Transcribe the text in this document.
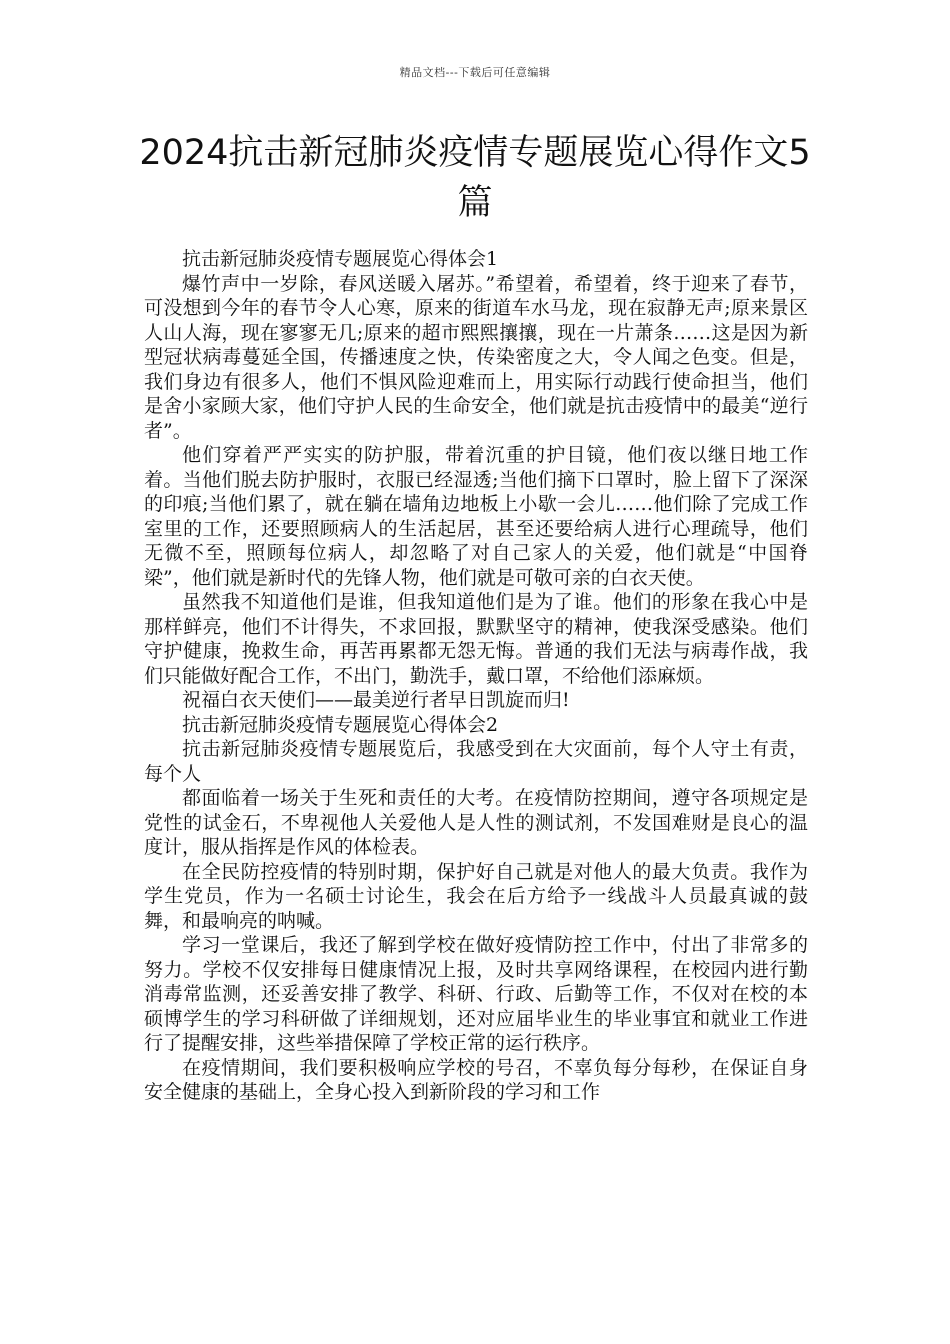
精品文档---下载后可任意编辑
2024抗击新冠肺炎疫情专题展览心得作文5篇

抗击新冠肺炎疫情专题展览心得体会1

爆竹声中一岁除，春风送暖入屠苏。”希望着，希望着，终于迎来了春节，可没想到今年的春节令人心寒，原来的街道车水马龙，现在寂静无声;原来景区人山人海，现在寥寥无几;原来的超市熙熙攘攘，现在一片萧条……这是因为新型冠状病毒蔓延全国，传播速度之快，传染密度之大，令人闻之色变。但是，我们身边有很多人，他们不惧风险迎难而上，用实际行动践行使命担当，他们是舍小家顾大家，他们守护人民的生命安全，他们就是抗击疫情中的最美“逆行者”。

他们穿着严严实实的防护服，带着沉重的护目镜，他们夜以继日地工作着。当他们脱去防护服时，衣服已经湿透;当他们摘下口罩时，脸上留下了深深的印痕;当他们累了，就在躺在墙角边地板上小歇一会儿……他们除了完成工作室里的工作，还要照顾病人的生活起居，甚至还要给病人进行心理疏导，他们无微不至，照顾每位病人，却忽略了对自己家人的关爱，他们就是“中国脊梁”，他们就是新时代的先锋人物，他们就是可敬可亲的白衣天使。

虽然我不知道他们是谁，但我知道他们是为了谁。他们的形象在我心中是那样鲜亮，他们不计得失，不求回报，默默坚守的精神，使我深受感染。他们守护健康，挽救生命，再苦再累都无怨无悔。普通的我们无法与病毒作战，我们只能做好配合工作，不出门，勤洗手，戴口罩，不给他们添麻烦。

祝福白衣天使们——最美逆行者早日凯旋而归!

抗击新冠肺炎疫情专题展览心得体会2

抗击新冠肺炎疫情专题展览后，我感受到在大灾面前，每个人守土有责，每个人

都面临着一场关于生死和责任的大考。在疫情防控期间，遵守各项规定是党性的试金石，不卑视他人关爱他人是人性的测试剂，不发国难财是良心的温度计，服从指挥是作风的体检表。

在全民防控疫情的特别时期，保护好自己就是对他人的最大负责。我作为学生党员，作为一名硕士讨论生，我会在后方给予一线战斗人员最真诚的鼓舞，和最响亮的呐喊。

学习一堂课后，我还了解到学校在做好疫情防控工作中，付出了非常多的努力。学校不仅安排每日健康情况上报，及时共享网络课程，在校园内进行勤消毒常监测，还妥善安排了教学、科研、行政、后勤等工作，不仅对在校的本硕博学生的学习科研做了详细规划，还对应届毕业生的毕业事宜和就业工作进行了提醒安排，这些举措保障了学校正常的运行秩序。

在疫情期间，我们要积极响应学校的号召，不辜负每分每秒，在保证自身安全健康的基础上，全身心投入到新阶段的学习和工作
